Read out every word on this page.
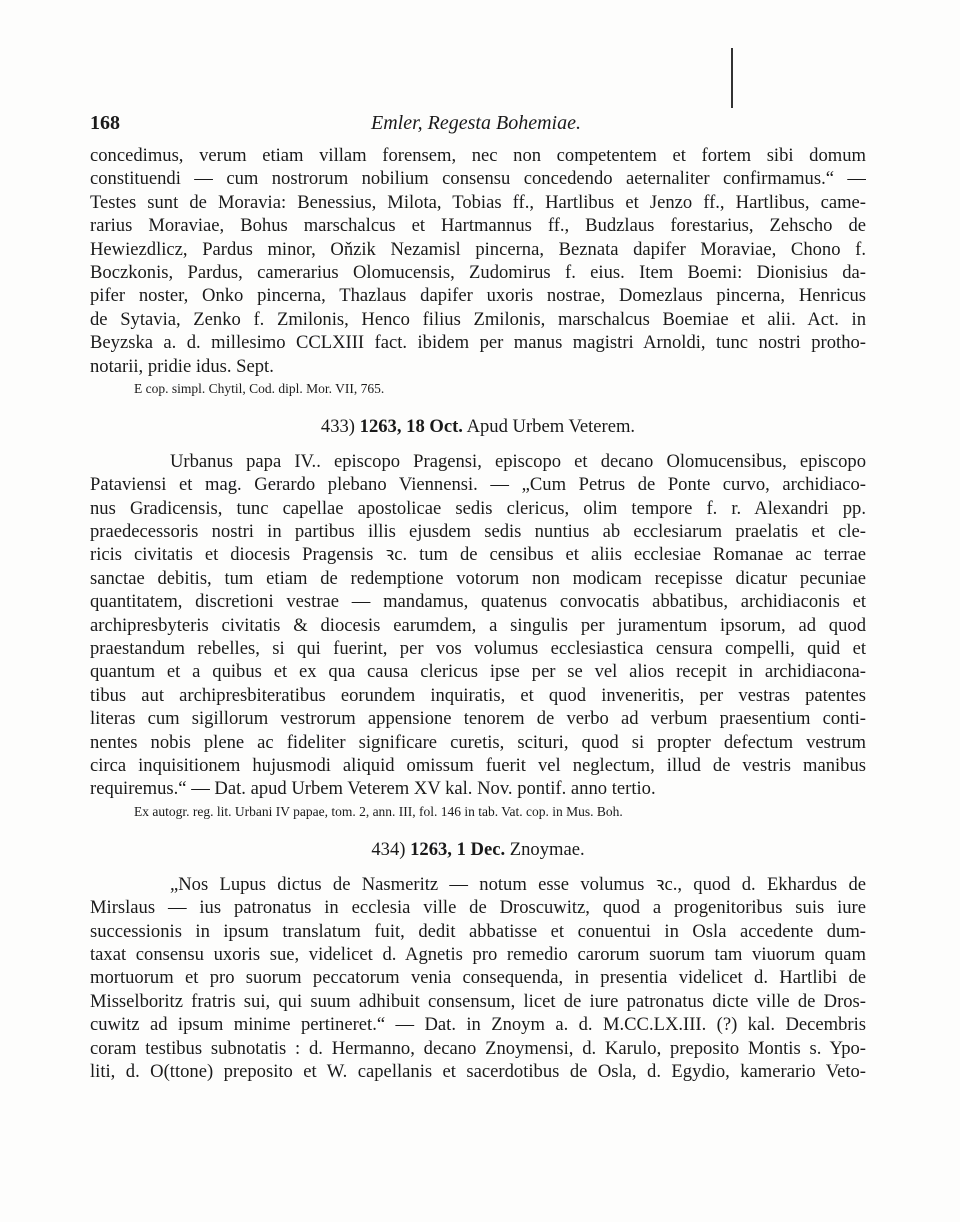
168	Emler, Regesta Bohemiae.
concedimus, verum etiam villam forensem, nec non competentem et fortem sibi domum
constituendi — cum nostrorum nobilium consensu concedendo aeternaliter confirmamus.“ —
Testes sunt de Moravia: Benessius, Milota, Tobias ff., Hartlibus et Jenzo ff., Hartlibus, came-
rarius Moraviae, Bohus marschalcus et Hartmannus ff., Budzlaus forestarius, Zehscho de
Hewiezdlicz, Pardus minor, Oňzik Nezamisl pincerna, Beznata dapifer Moraviae, Chono f.
Boczkonis, Pardus, camerarius Olomucensis, Zudomirus f. eius. Item Boemi: Dionisius da-
pifer noster, Onko pincerna, Thazlaus dapifer uxoris nostrae, Domezlaus pincerna, Henricus
de Sytavia, Zenko f. Zmilonis, Henco filius Zmilonis, marschalcus Boemiae et alii. Act. in
Beyzska a. d. millesimo CCLXIII fact. ibidem per manus magistri Arnoldi, tunc nostri protho-
notarii, pridie idus. Sept.
E cop. simpl. Chytil, Cod. dipl. Mor. VII, 765.
433) 1263, 18 Oct. Apud Urbem Veterem.
Urbanus papa IV.. episcopo Pragensi, episcopo et decano Olomucensibus, episcopo
Pataviensi et mag. Gerardo plebano Viennensi. — „Cum Petrus de Ponte curvo, archidiaco-
nus Gradicensis, tunc capellae apostolicae sedis clericus, olim tempore f. r. Alexandri pp.
praedecessoris nostri in partibus illis ejusdem sedis nuntius ab ecclesiarum praelatis et cle-
ricis civitatis et diocesis Pragensis ꝛc. tum de censibus et aliis ecclesiae Romanae ac terrae
sanctae debitis, tum etiam de redemptione votorum non modicam recepisse dicatur pecuniae
quantitatem, discretioni vestrae — mandamus, quatenus convocatis abbatibus, archidiaconis et
archipresbyteris civitatis & diocesis earumdem, a singulis per juramentum ipsorum, ad quod
praestandum rebelles, si qui fuerint, per vos volumus ecclesiastica censura compelli, quid et
quantum et a quibus et ex qua causa clericus ipse per se vel alios recepit in archidiacona-
tibus aut archipresbiteratibus eorundem inquiratis, et quod inveneritis, per vestras patentes
literas cum sigillorum vestrorum appensione tenorem de verbo ad verbum praesentium conti-
nentes nobis plene ac fideliter significare curetis, scituri, quod si propter defectum vestrum
circa inquisitionem hujusmodi aliquid omissum fuerit vel neglectum, illud de vestris manibus
requiremus.“ — Dat. apud Urbem Veterem XV kal. Nov. pontif. anno tertio.
Ex autogr. reg. lit. Urbani IV papae, tom. 2, ann. III, fol. 146 in tab. Vat. cop. in Mus. Boh.
434) 1263, 1 Dec. Znoymae.
„Nos Lupus dictus de Nasmeritz — notum esse volumus ꝛc., quod d. Ekhardus de
Mirslaus — ius patronatus in ecclesia ville de Droscuwitz, quod a progenitoribus suis iure
successionis in ipsum translatum fuit, dedit abbatisse et conuentui in Osla accedente dum-
taxat consensu uxoris sue, videlicet d. Agnetis pro remedio carorum suorum tam viuorum quam
mortuorum et pro suorum peccatorum venia consequenda, in presentia videlicet d. Hartlibi de
Misselboritz fratris sui, qui suum adhibuit consensum, licet de iure patronatus dicte ville de Dros-
cuwitz ad ipsum minime pertineret.“ — Dat. in Znoym a. d. M.CC.LX.III. (?) kal. Decembris
coram testibus subnotatis : d. Hermanno, decano Znoymensi, d. Karulo, preposito Montis s. Ypo-
liti, d. O(ttone) preposito et W. capellanis et sacerdotibus de Osla, d. Egydio, kamerario Veto-
